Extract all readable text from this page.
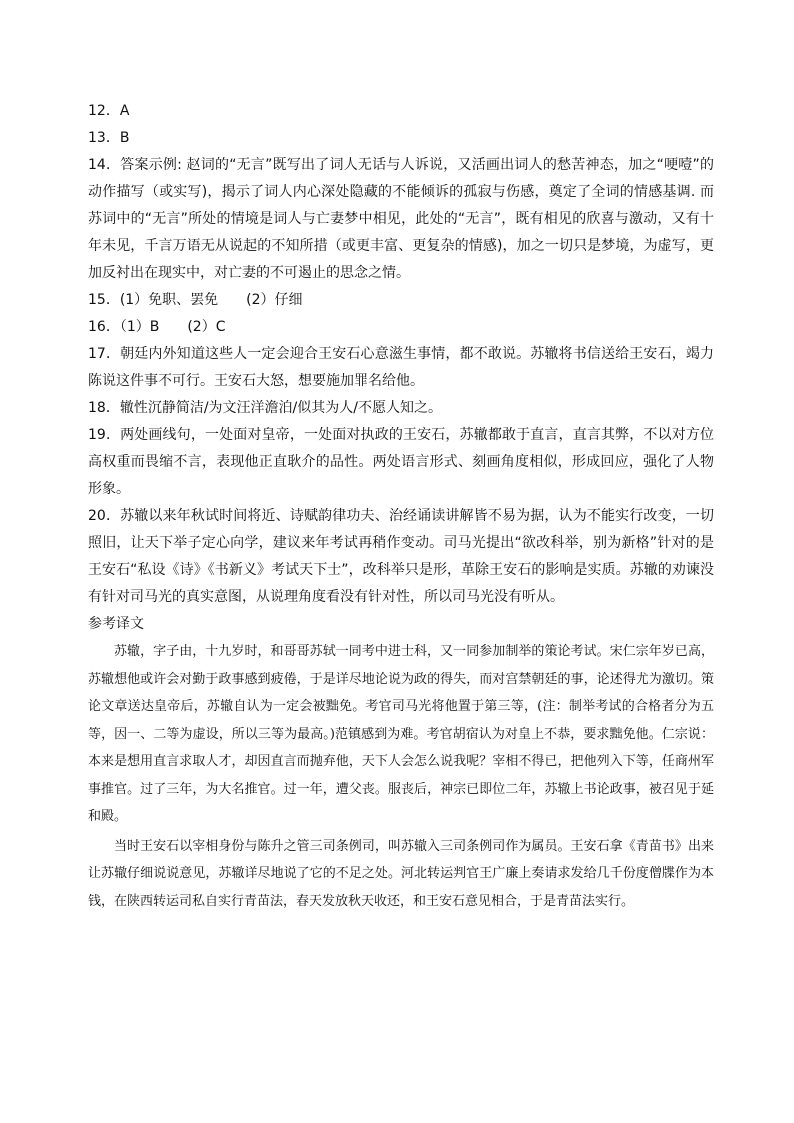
12．A

13．B

14．答案示例: 赵词的“无言”既写出了词人无话与人诉说，又活画出词人的愁苦神态，加之“哽噎”的动作描写（或实写)，揭示了词人内心深处隐藏的不能倾诉的孤寂与伤感，奠定了全词的情感基调. 而苏词中的“无言”所处的情境是词人与亡妻梦中相见，此处的“无言”，既有相见的欣喜与激动，又有十年未见，千言万语无从说起的不知所措（或更丰富、更复杂的情感)，加之一切只是梦境，为虚写，更加反衬出在现实中，对亡妻的不可遏止的思念之情。

15．(1）免职、罢免　　(2）仔细

16．（1）B　　(2）C

17．朝廷内外知道这些人一定会迎合王安石心意滋生事情，都不敢说。苏辙将书信送给王安石，竭力陈说这件事不可行。王安石大怒，想要施加罪名给他。

18．辙性沉静简洁/为文汪洋澹泊/似其为人/不愿人知之。

19．两处画线句，一处面对皇帝，一处面对执政的王安石，苏辙都敢于直言，直言其弊，不以对方位高权重而畏缩不言，表现他正直耿介的品性。两处语言形式、刻画角度相似，形成回应，强化了人物形象。

20．苏辙以来年秋试时间将近、诗赋韵律功夫、治经诵读讲解皆不易为据，认为不能实行改变，一切照旧，让天下举子定心向学，建议来年考试再稍作变动。司马光提出“欲改科举，别为新格”针对的是王安石“私设《诗》《书新义》考试天下士”，改科举只是形，革除王安石的影响是实质。苏辙的劝谏没有针对司马光的真实意图，从说理角度看没有针对性，所以司马光没有听从。

参考译文

苏辙，字子由，十九岁时，和哥哥苏轼一同考中进士科，又一同参加制举的策论考试。宋仁宗年岁已高，苏辙想他或许会对勤于政事感到疲倦，于是详尽地论说为政的得失，而对宫禁朝廷的事，论述得尤为激切。策论文章送达皇帝后，苏辙自认为一定会被黜免。考官司马光将他置于第三等，(注：制举考试的合格者分为五等，因一、二等为虚设，所以三等为最高。)范镇感到为难。考官胡宿认为对皇上不恭，要求黜免他。仁宗说：本来是想用直言求取人才，却因直言而抛弃他，天下人会怎么说我呢？宰相不得已，把他列入下等，任商州军事推官。过了三年，为大名推官。过一年，遭父丧。服丧后，神宗已即位二年，苏辙上书论政事，被召见于延和殿。

当时王安石以宰相身份与陈升之管三司条例司，叫苏辙入三司条例司作为属员。王安石拿《青苗书》出来让苏辙仔细说说意见，苏辙详尽地说了它的不足之处。河北转运判官王广廉上奏请求发给几千份度僧牒作为本钱，在陕西转运司私自实行青苗法，春天发放秋天收还，和王安石意见相合，于是青苗法实行。
